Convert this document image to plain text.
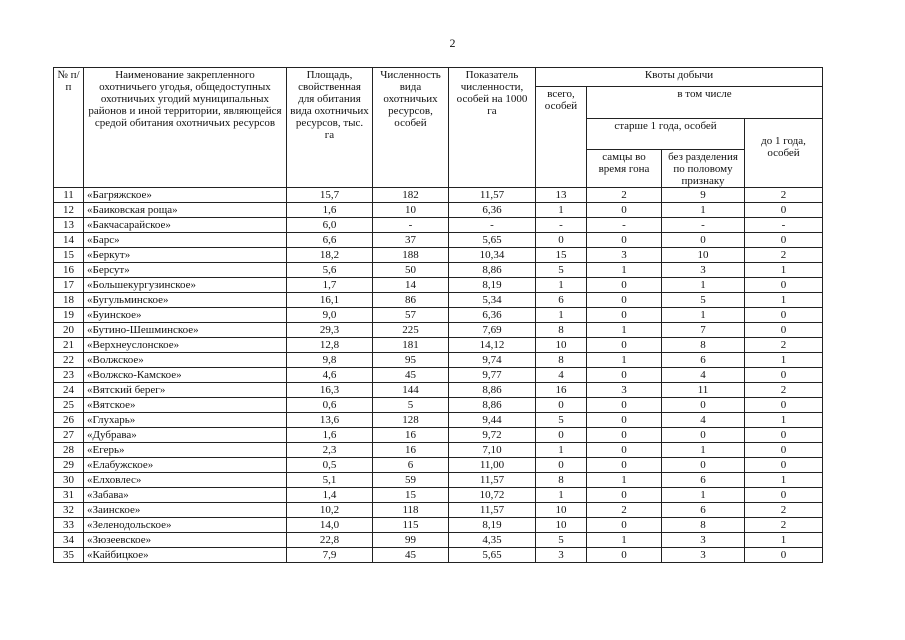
2
№ п/п	Наименование закрепленного охотничьего угодья, общедоступных охотничьих угодий муниципальных районов и иной территории, являющейся средой обитания охотничьих ресурсов	Площадь, свойственная для обитания вида охотничьих ресурсов, тыс. га	Численность вида охотничьих ресурсов, особей	Показатель численности, особей на 1000 га	Квоты добычи			
					всего, особей	в том числе		
						старше 1 года, особей		до 1 года, особей
						самцы во время гона	без разделения по половому признаку	
11	«Багряжское»	15,7	182	11,57	13	2	9	2
12	«Баиковская роща»	1,6	10	6,36	1	0	1	0
13	«Бакчасарайское»	6,0	-	-	-	-	-	-
14	«Барс»	6,6	37	5,65	0	0	0	0
15	«Беркут»	18,2	188	10,34	15	3	10	2
16	«Берсут»	5,6	50	8,86	5	1	3	1
17	«Большекургузинское»	1,7	14	8,19	1	0	1	0
18	«Бугульминское»	16,1	86	5,34	6	0	5	1
19	«Буинское»	9,0	57	6,36	1	0	1	0
20	«Бутино-Шешминское»	29,3	225	7,69	8	1	7	0
21	«Верхнеуслонское»	12,8	181	14,12	10	0	8	2
22	«Волжское»	9,8	95	9,74	8	1	6	1
23	«Волжско-Камское»	4,6	45	9,77	4	0	4	0
24	«Вятский берег»	16,3	144	8,86	16	3	11	2
25	«Вятское»	0,6	5	8,86	0	0	0	0
26	«Глухарь»	13,6	128	9,44	5	0	4	1
27	«Дубрава»	1,6	16	9,72	0	0	0	0
28	«Егерь»	2,3	16	7,10	1	0	1	0
29	«Елабужское»	0,5	6	11,00	0	0	0	0
30	«Елховлес»	5,1	59	11,57	8	1	6	1
31	«Забава»	1,4	15	10,72	1	0	1	0
32	«Заинское»	10,2	118	11,57	10	2	6	2
33	«Зеленодольское»	14,0	115	8,19	10	0	8	2
34	«Зюзеевское»	22,8	99	4,35	5	1	3	1
35	«Кайбицкое»	7,9	45	5,65	3	0	3	0
